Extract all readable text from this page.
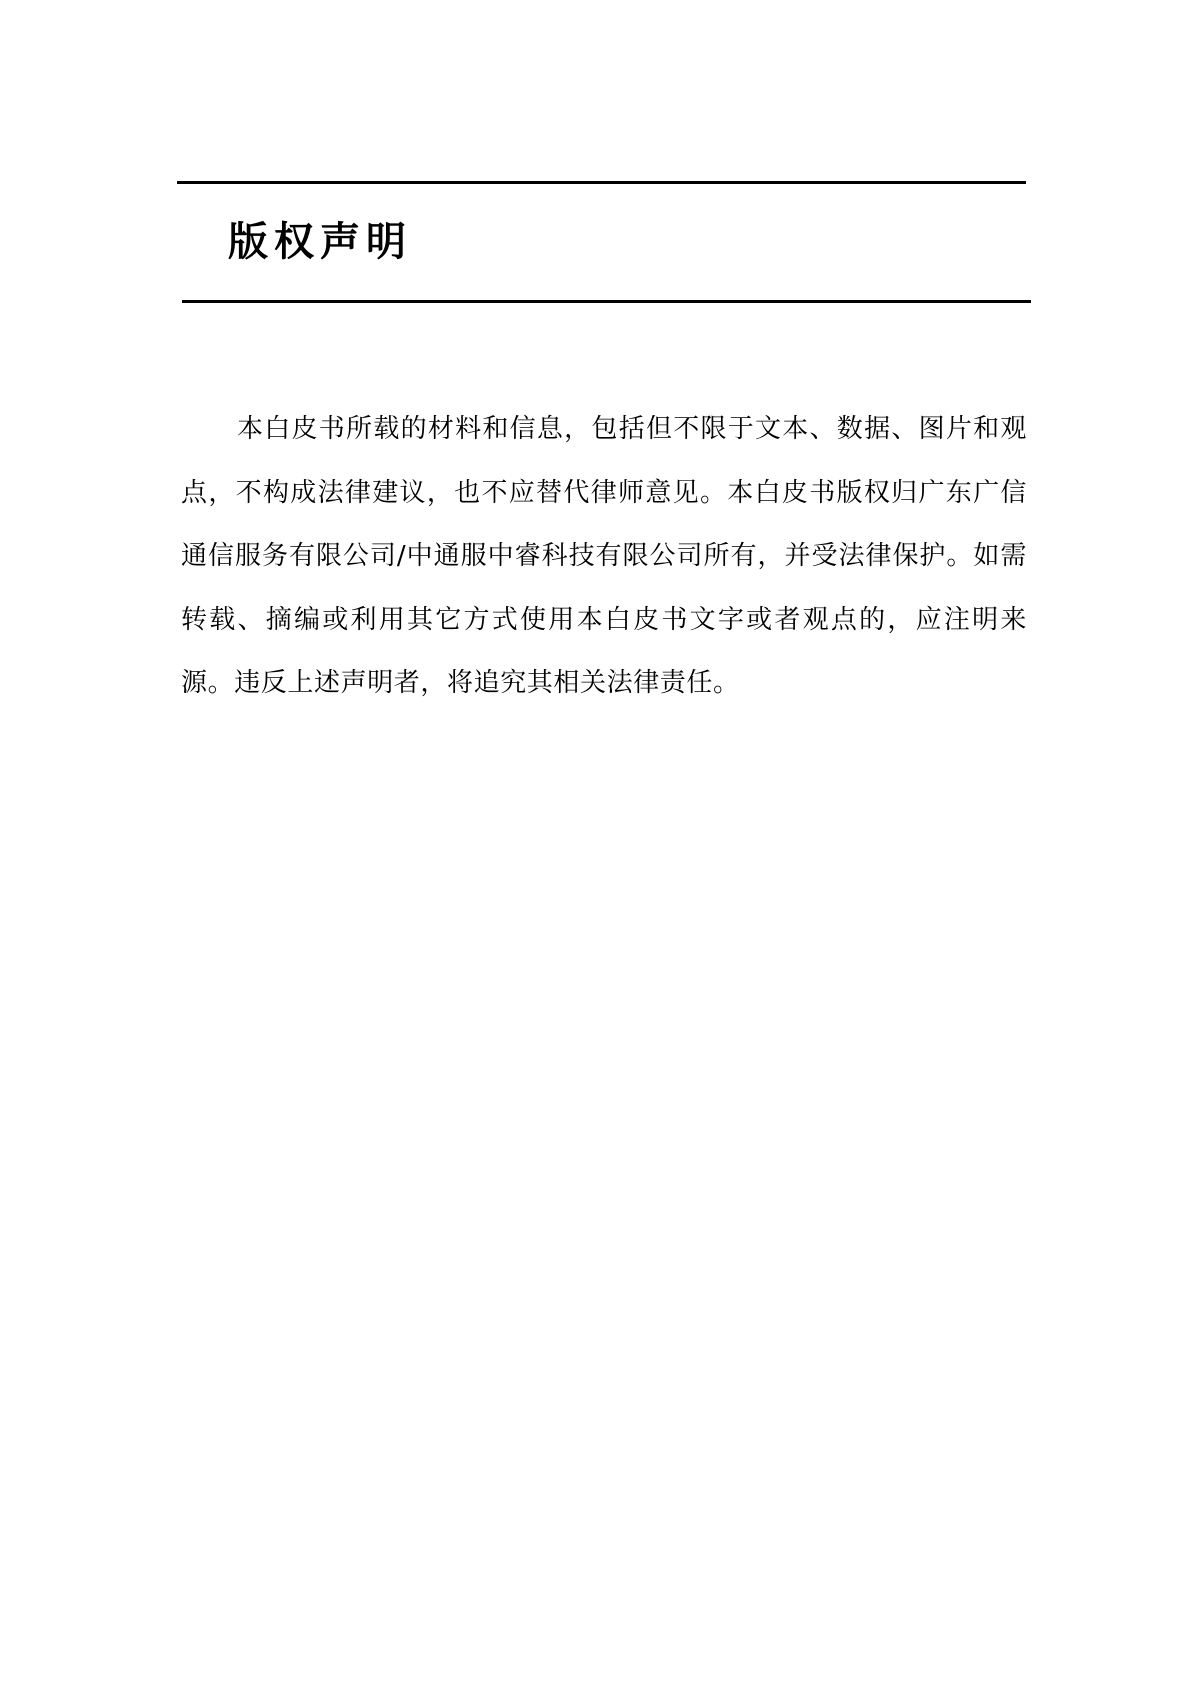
版权声明

本白皮书所载的材料和信息，包括但不限于文本、数据、图片和观点，不构成法律建议，也不应替代律师意见。本白皮书版权归广东广信通信服务有限公司/中通服中睿科技有限公司所有，并受法律保护。如需转载、摘编或利用其它方式使用本白皮书文字或者观点的，应注明来源。违反上述声明者，将追究其相关法律责任。
